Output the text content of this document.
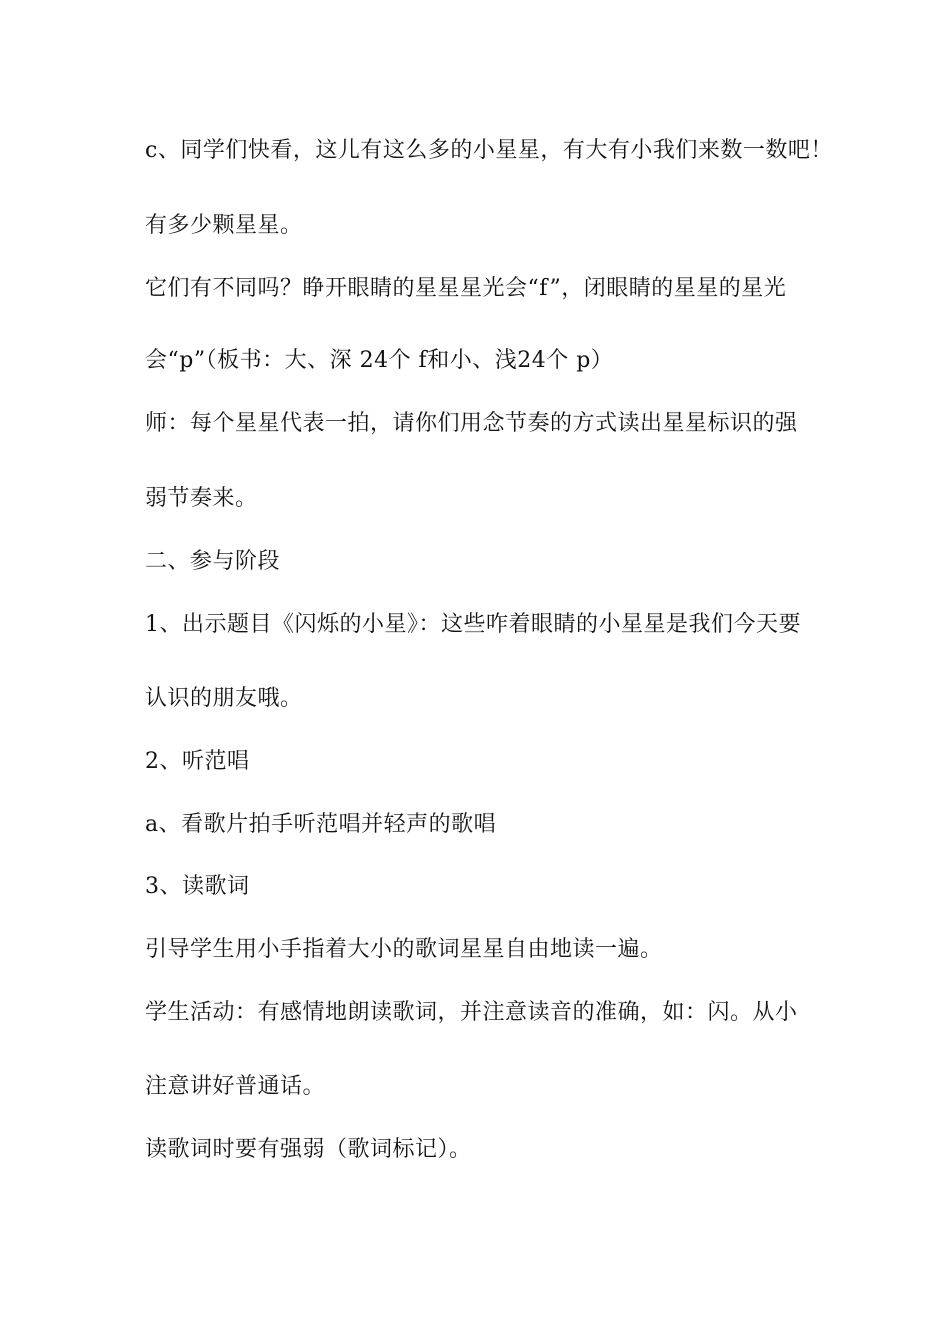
c、同学们快看，这儿有这么多的小星星，有大有小我们来数一数吧！
有多少颗星星。
它们有不同吗？睁开眼睛的星星星光会“f”，闭眼睛的星星的星光
会“p”（板书：大、深 24个 f和小、浅24个 p）
师：每个星星代表一拍，请你们用念节奏的方式读出星星标识的强
弱节奏来。
二、参与阶段
1、出示题目《闪烁的小星》：这些咋着眼睛的小星星是我们今天要
认识的朋友哦。
2、听范唱
a、看歌片拍手听范唱并轻声的歌唱
3、读歌词
引导学生用小手指着大小的歌词星星自由地读一遍。
学生活动：有感情地朗读歌词，并注意读音的准确，如：闪。从小
注意讲好普通话。
读歌词时要有强弱（歌词标记）。
